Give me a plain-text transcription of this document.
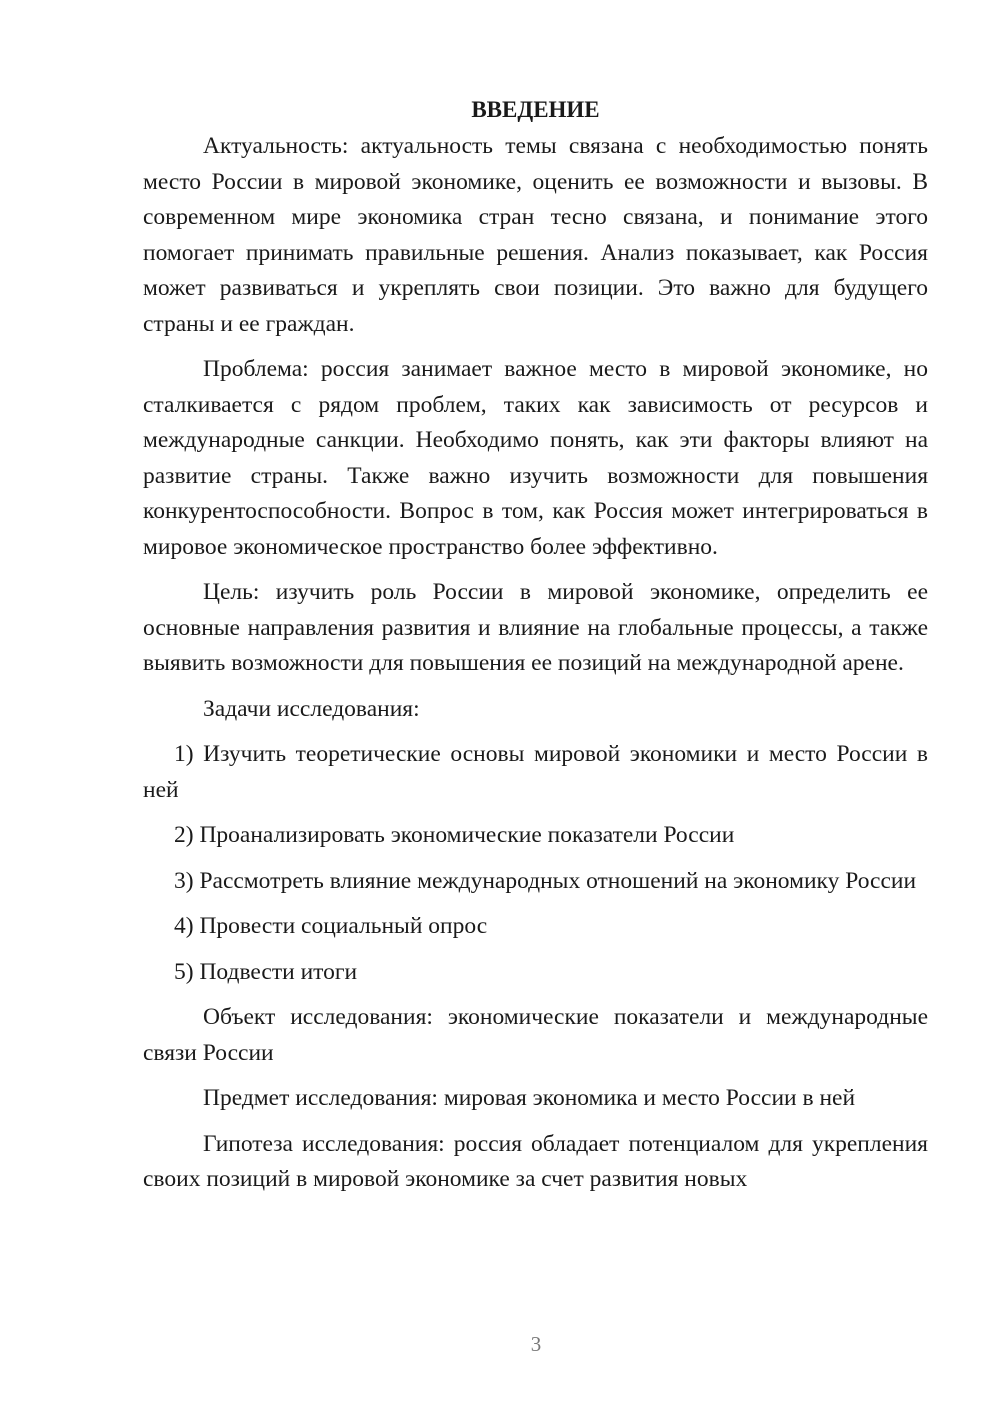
ВВЕДЕНИЕ

Актуальность: актуальность темы связана с необходимостью понять место России в мировой экономике, оценить ее возможности и вызовы. В современном мире экономика стран тесно связана, и понимание этого помогает принимать правильные решения. Анализ показывает, как Россия может развиваться и укреплять свои позиции. Это важно для будущего страны и ее граждан.

Проблема: россия занимает важное место в мировой экономике, но сталкивается с рядом проблем, таких как зависимость от ресурсов и международные санкции. Необходимо понять, как эти факторы влияют на развитие страны. Также важно изучить возможности для повышения конкурентоспособности. Вопрос в том, как Россия может интегрироваться в мировое экономическое пространство более эффективно.

Цель: изучить роль России в мировой экономике, определить ее основные направления развития и влияние на глобальные процессы, а также выявить возможности для повышения ее позиций на международной арене.

Задачи исследования:

1) Изучить теоретические основы мировой экономики и место России в ней

2) Проанализировать экономические показатели России

3) Рассмотреть влияние международных отношений на экономику России

4) Провести социальный опрос

5) Подвести итоги

Объект исследования: экономические показатели и международные связи России

Предмет исследования: мировая экономика и место России в ней

Гипотеза исследования: россия обладает потенциалом для укрепления своих позиций в мировой экономике за счет развития новых

3
